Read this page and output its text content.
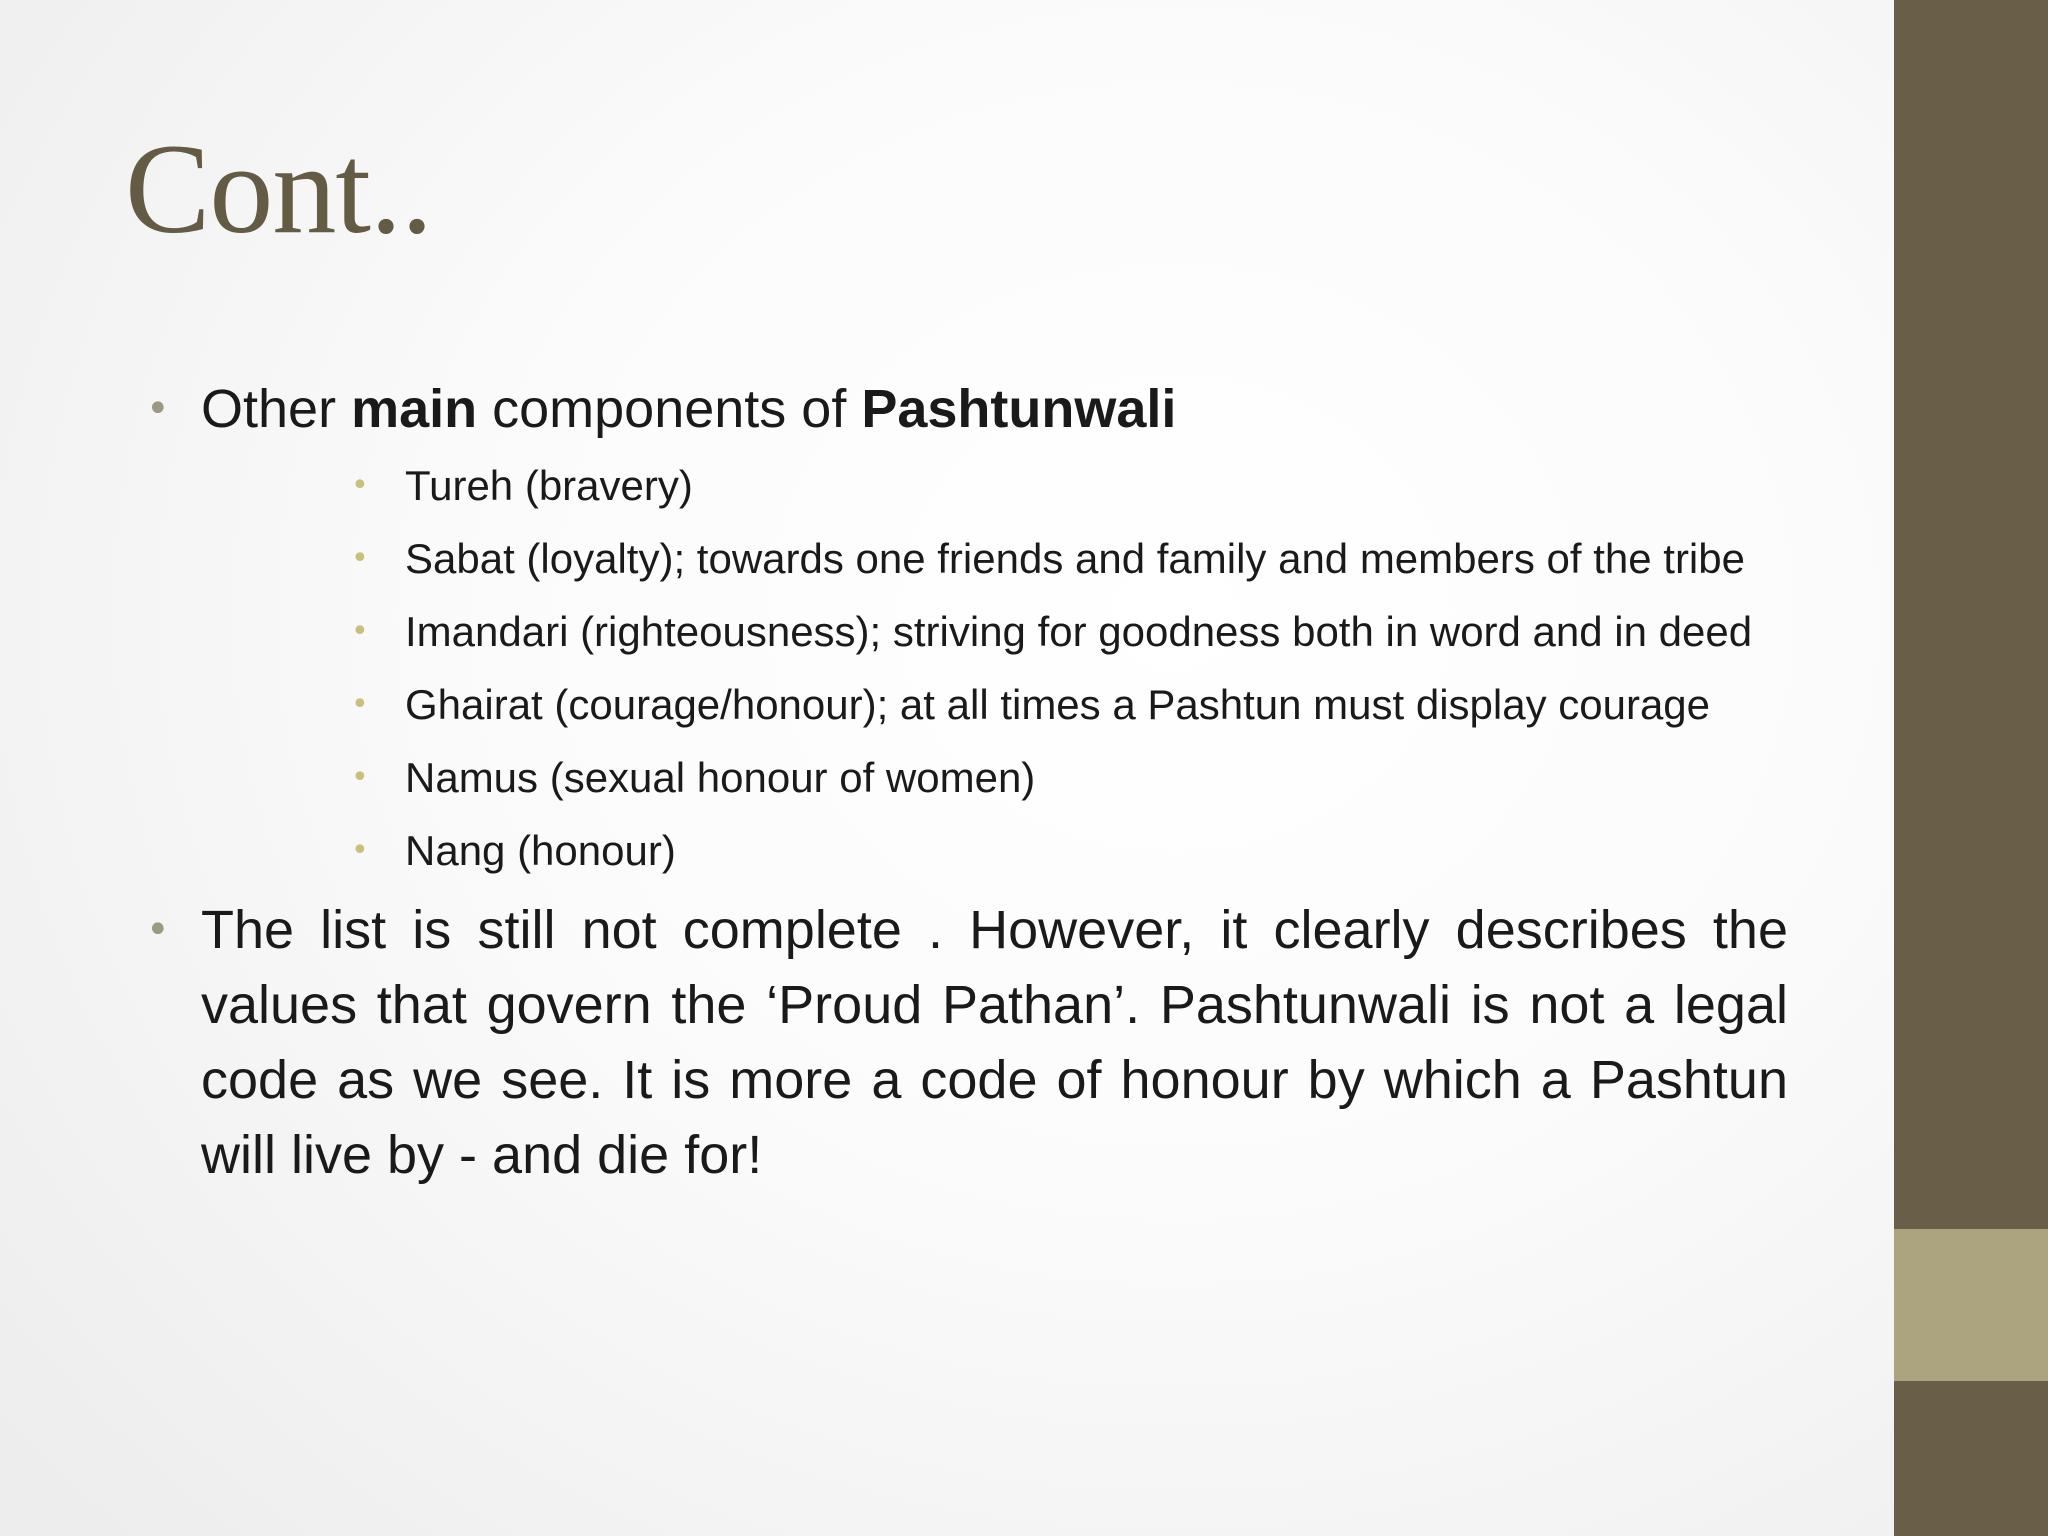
Cont..
• Other main components of Pashtunwali
• Tureh (bravery)
• Sabat (loyalty); towards one friends and family and members of the tribe
• Imandari (righteousness); striving for goodness both in word and in deed
• Ghairat (courage/honour); at all times a Pashtun must display courage
• Namus (sexual honour of women)
• Nang (honour)
• The list is still not complete . However, it clearly describes the values that govern the ‘Proud Pathan’. Pashtunwali is not a legal code as we see. It is more a code of honour by which a Pashtun will live by - and die for!
